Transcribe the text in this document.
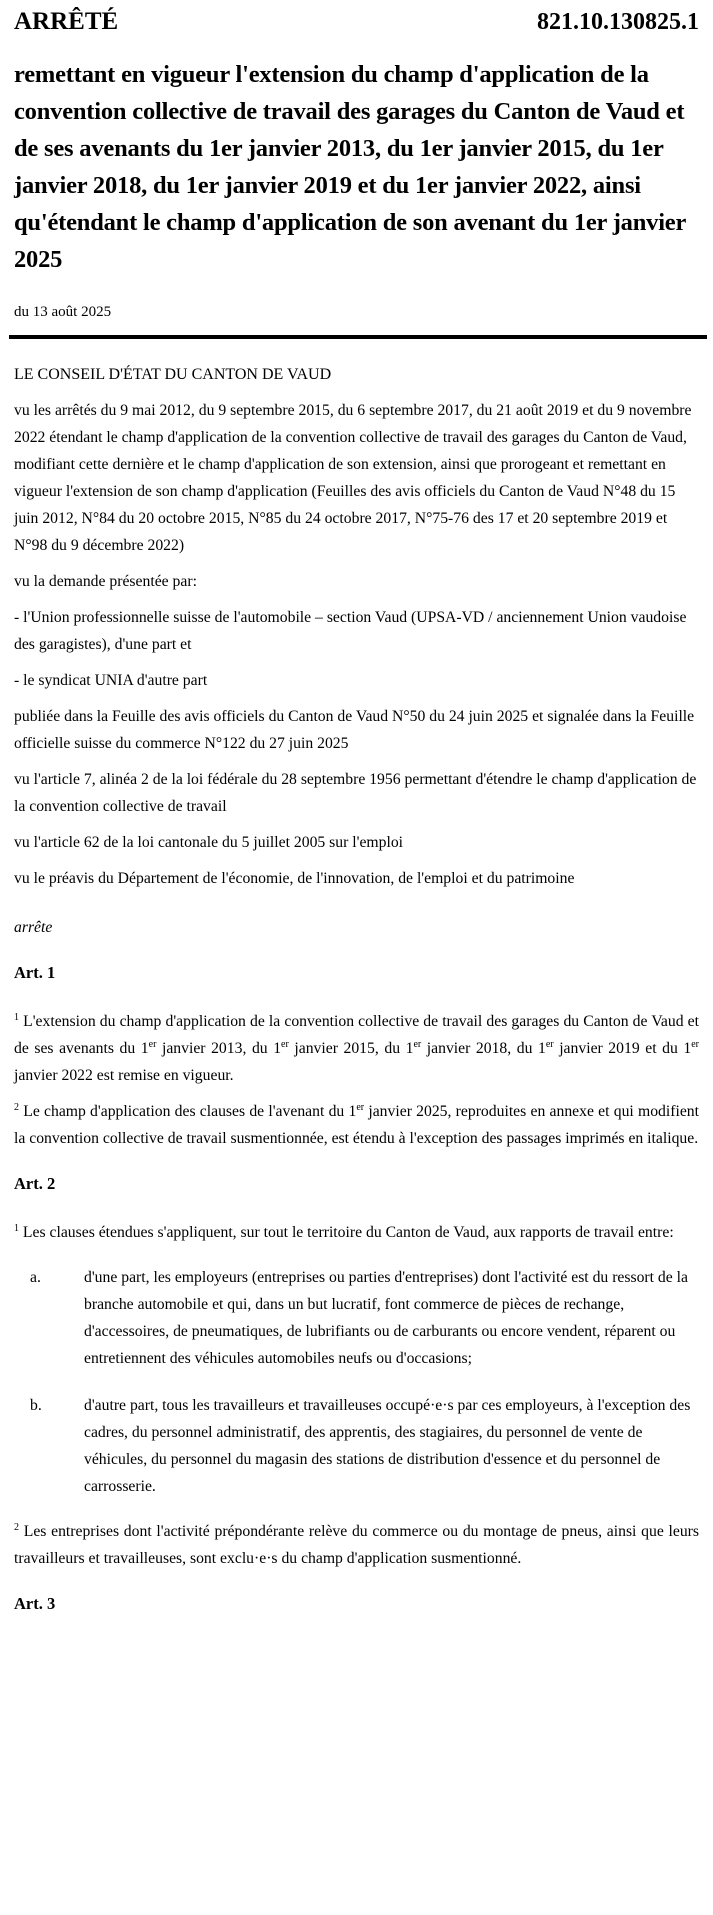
ARRÊTÉ	821.10.130825.1
remettant en vigueur l'extension du champ d'application de la convention collective de travail des garages du Canton de Vaud et de ses avenants du 1er janvier 2013, du 1er janvier 2015, du 1er janvier 2018, du 1er janvier 2019 et du 1er janvier 2022, ainsi qu'étendant le champ d'application de son avenant du 1er janvier 2025
du 13 août 2025
LE CONSEIL D'ÉTAT DU CANTON DE VAUD
vu les arrêtés du 9 mai 2012, du 9 septembre 2015, du 6 septembre 2017, du 21 août 2019 et du 9 novembre 2022 étendant le champ d'application de la convention collective de travail des garages du Canton de Vaud, modifiant cette dernière et le champ d'application de son extension, ainsi que prorogeant et remettant en vigueur l'extension de son champ d'application (Feuilles des avis officiels du Canton de Vaud N°48 du 15 juin 2012, N°84 du 20 octobre 2015, N°85 du 24 octobre 2017, N°75-76 des 17 et 20 septembre 2019 et N°98 du 9 décembre 2022)
vu la demande présentée par:
- l'Union professionnelle suisse de l'automobile – section Vaud (UPSA-VD / anciennement Union vaudoise des garagistes), d'une part et
- le syndicat UNIA d'autre part
publiée dans la Feuille des avis officiels du Canton de Vaud N°50 du 24 juin 2025 et signalée dans la Feuille officielle suisse du commerce N°122 du 27 juin 2025
vu l'article 7, alinéa 2 de la loi fédérale du 28 septembre 1956 permettant d'étendre le champ d'application de la convention collective de travail
vu l'article 62 de la loi cantonale du 5 juillet 2005 sur l'emploi
vu le préavis du Département de l'économie, de l'innovation, de l'emploi et du patrimoine
arrête
Art. 1
$^1$ L'extension du champ d'application de la convention collective de travail des garages du Canton de Vaud et de ses avenants du 1er janvier 2013, du 1er janvier 2015, du 1er janvier 2018, du 1er janvier 2019 et du 1er janvier 2022 est remise en vigueur.
$^2$ Le champ d'application des clauses de l'avenant du 1er janvier 2025, reproduites en annexe et qui modifient la convention collective de travail susmentionnée, est étendu à l'exception des passages imprimés en italique.
Art. 2
$^1$ Les clauses étendues s'appliquent, sur tout le territoire du Canton de Vaud, aux rapports de travail entre:
a.	d'une part, les employeurs (entreprises ou parties d'entreprises) dont l'activité est du ressort de la branche automobile et qui, dans un but lucratif, font commerce de pièces de rechange, d'accessoires, de pneumatiques, de lubrifiants ou de carburants ou encore vendent, réparent ou entretiennent des véhicules automobiles neufs ou d'occasions;
b.	d'autre part, tous les travailleurs et travailleuses occupé·e·s par ces employeurs, à l'exception des cadres, du personnel administratif, des apprentis, des stagiaires, du personnel de vente de véhicules, du personnel du magasin des stations de distribution d'essence et du personnel de carrosserie.
$^2$ Les entreprises dont l'activité prépondérante relève du commerce ou du montage de pneus, ainsi que leurs travailleurs et travailleuses, sont exclu·e·s du champ d'application susmentionné.
Art. 3
